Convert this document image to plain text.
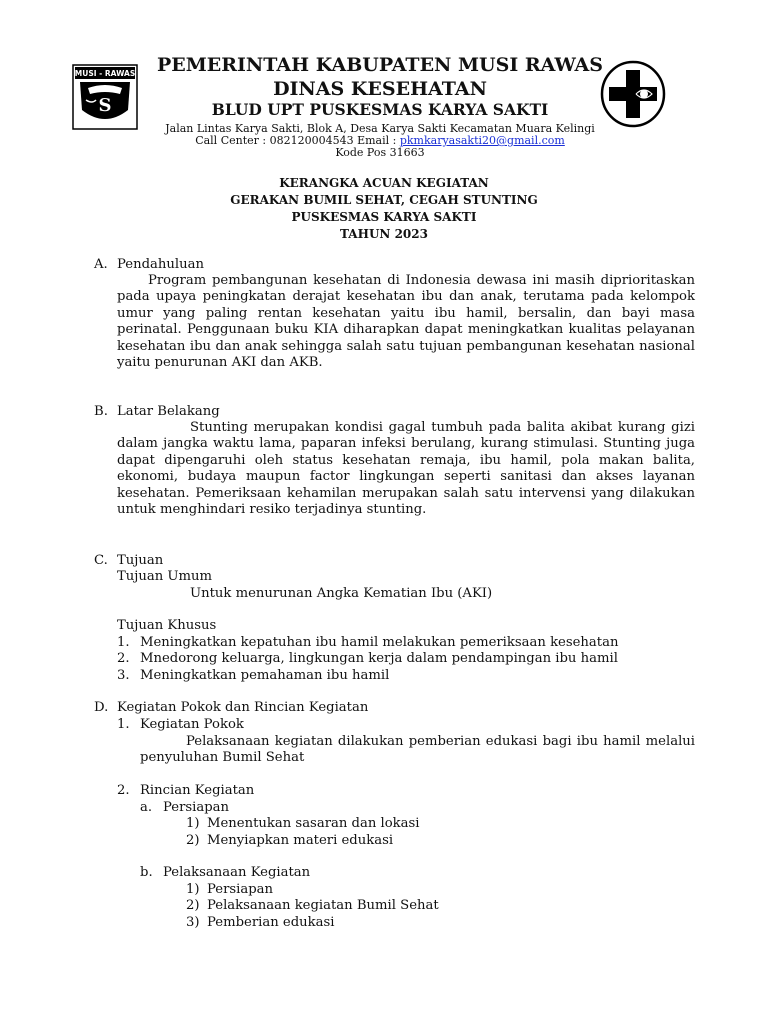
MUSI - RAWAS
S
PEMERINTAH KABUPATEN MUSI RAWAS
DINAS KESEHATAN
BLUD UPT PUSKESMAS KARYA SAKTI
Jalan Lintas Karya Sakti, Blok A, Desa Karya Sakti Kecamatan Muara Kelingi
Call Center : 082120004543 Email : pkmkaryasakti20@gmail.com
Kode Pos 31663
KERANGKA ACUAN KEGIATAN
GERAKAN BUMIL SEHAT, CEGAH STUNTING
PUSKESMAS KARYA SAKTI
TAHUN 2023
A. Pendahuluan
Program pembangunan kesehatan di Indonesia dewasa ini masih diprioritaskan pada upaya peningkatan derajat kesehatan ibu dan anak, terutama pada kelompok umur yang paling rentan kesehatan yaitu ibu hamil, bersalin, dan bayi masa perinatal. Penggunaan buku KIA diharapkan dapat meningkatkan kualitas pelayanan kesehatan ibu dan anak sehingga salah satu tujuan pembangunan kesehatan nasional yaitu penurunan AKI dan AKB.
B. Latar Belakang
Stunting merupakan kondisi gagal tumbuh pada balita akibat kurang gizi dalam jangka waktu lama, paparan infeksi berulang, kurang stimulasi. Stunting juga dapat dipengaruhi oleh status kesehatan remaja, ibu hamil, pola makan balita, ekonomi, budaya maupun factor lingkungan seperti sanitasi dan akses layanan kesehatan. Pemeriksaan kehamilan merupakan salah satu intervensi yang dilakukan untuk menghindari resiko terjadinya stunting.
C. Tujuan
Tujuan Umum
Untuk menurunan Angka Kematian Ibu (AKI)
Tujuan Khusus
1. Meningkatkan kepatuhan ibu hamil melakukan pemeriksaan kesehatan
2. Mnedorong keluarga, lingkungan kerja dalam pendampingan ibu hamil
3. Meningkatkan pemahaman ibu hamil
D. Kegiatan Pokok dan Rincian Kegiatan
1. Kegiatan Pokok
Pelaksanaan kegiatan dilakukan pemberian edukasi bagi ibu hamil melalui penyuluhan Bumil Sehat
2. Rincian Kegiatan
a. Persiapan
1) Menentukan sasaran dan lokasi
2) Menyiapkan materi edukasi
b. Pelaksanaan Kegiatan
1) Persiapan
2) Pelaksanaan kegiatan Bumil Sehat
3) Pemberian edukasi
